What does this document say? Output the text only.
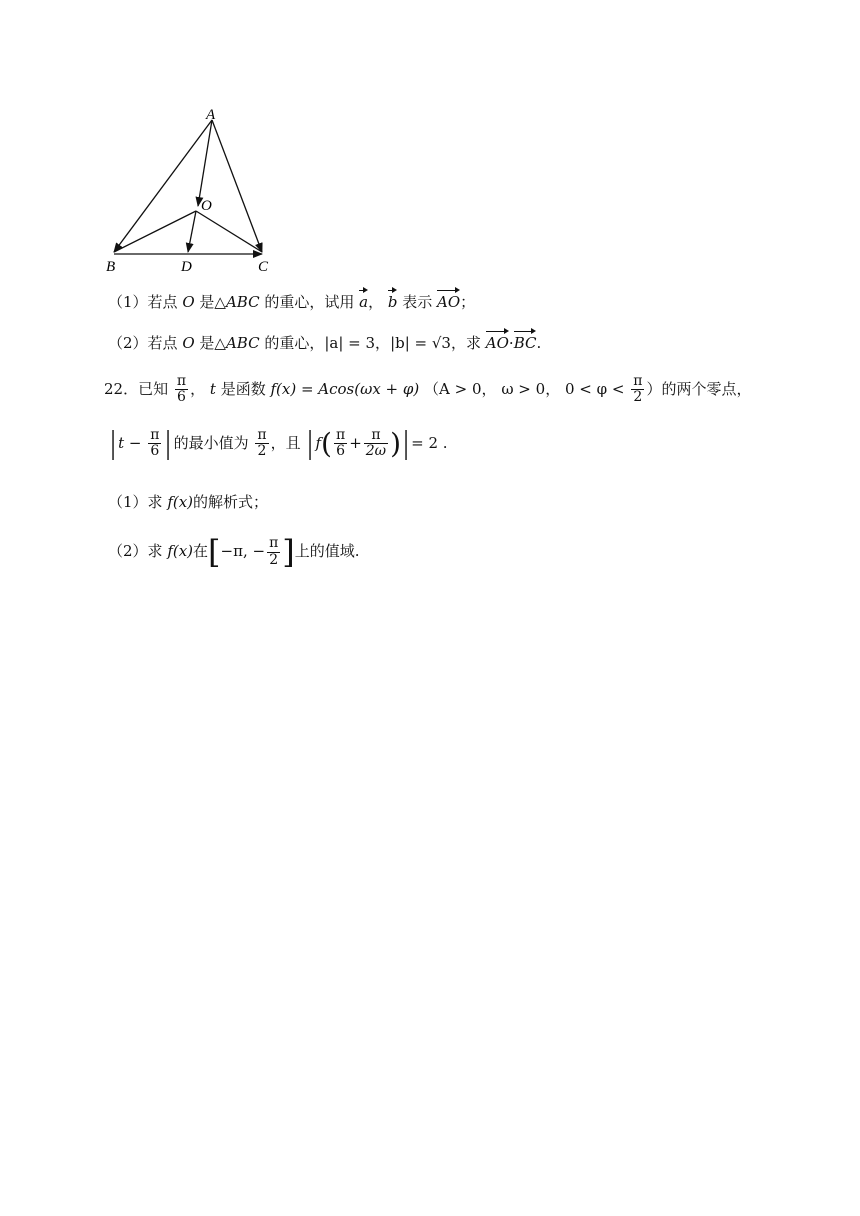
A
O
B	D	C
（1）若点 O 是△ABC 的重心，试用 a， b 表示 AO；
（2）若点 O 是△ABC 的重心，|a| = 3，|b| = √3，求 AO·BC.
22．已知 $\frac{\pi}{6}$ ， t 是函数 f(x) = Acos(ωx + φ) （A > 0， ω > 0， $0 < \varphi < \frac{\pi}{2}$ ）的两个零点，
| $t - \frac{\pi}{6}$ | 的最小值为 $\frac{\pi}{2}$ ，且 | $f( \frac{\pi}{6} + \frac{\pi}{2\omega}$ )| = 2 .
（1）求 f(x)的解析式；
（2）求 f(x)在[−π, − $\frac{\pi}{2}$ ]上的值域.
